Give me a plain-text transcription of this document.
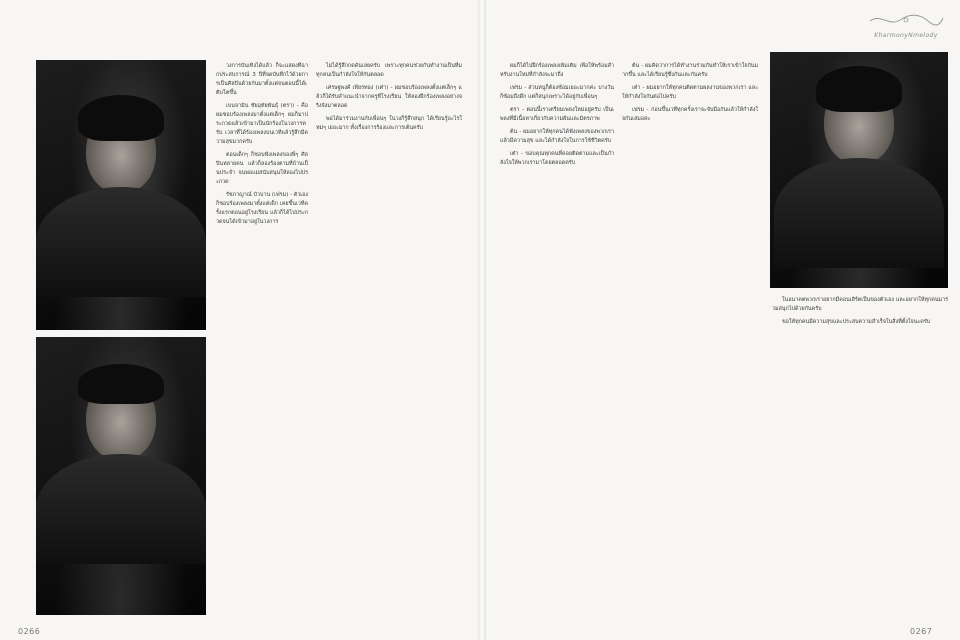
KharmonyNmelody

วงการบันเทิงได้แล้ว ก็จะแสดงที่ฉากประสบการณ์ 3 ปีที่จดบันทึกไว้ด้วยการเป็นศิลปินด้วยกันมาตั้งแต่จนตอนนี้ได้เติบโตขึ้น

เบนจามิน ชัยอุทัยพันธุ์ (ตรา) - คือผมชอบร้องเพลงมาตั้งแต่เด็กๆ ผมก็มาประกวดแล้วเข้ามาเป็นนักร้องในวงการครับ เวลาที่ได้ร้องเพลงบนเวทีแล้วรู้สึกมีความสุขมากครับ

ตอนเด็กๆ ก็ชอบฟังเพลงของพี่ๆ ศิลปินหลายคน แล้วก็ลองร้องตามที่บ้านเป็นประจำ จนพ่อแม่สนับสนุนให้ลองไปประกวด

รัชภาญาณ์ บัวบาน (เฟรม) - ตัวเองก็ชอบร้องเพลงมาตั้งแต่เด็ก เคยขึ้นเวทีครั้งแรกตอนอยู่โรงเรียน แล้วก็ได้ไปประกวดจนได้เข้ามาอยู่ในวงการ

ไม่ได้รู้สึกกดดันเลยครับ เพราะทุกคนช่วยกันทำงานเป็นทีม ทุกคนเป็นกำลังใจให้กันตลอด

เศรษฐพงศ์ เพียรทอง (เต๋า) - ผมชอบร้องเพลงตั้งแต่เล็กๆ แล้วก็ได้รับคำแนะนำจากครูที่โรงเรียน ให้ลองฝึกร้องเพลงอย่างจริงจังมาตลอด

พอได้มาร่วมงานกับเพื่อนๆ ในวงก็รู้สึกสนุก ได้เรียนรู้อะไรใหม่ๆ เยอะมาก ทั้งเรื่องการร้องและการเต้นครับ

ผมก็ได้ไปฝึกร้องเพลงเพิ่มเติม เพื่อให้พร้อมสำหรับงานใหม่ที่กำลังจะมาถึง

เฟรม - ส่วนหนูก็ต้องซ้อมเยอะมากค่ะ บางวันก็ซ้อมถึงดึก แต่ก็สนุกเพราะได้อยู่กับเพื่อนๆ

ตรา - ตอนนี้เราเตรียมเพลงใหม่อยู่ครับ เป็นเพลงที่มีเนื้อหาเกี่ยวกับความฝันและมิตรภาพ

ต้น - ผมอยากให้ทุกคนได้ฟังเพลงของพวกเราแล้วมีความสุข และได้กำลังใจในการใช้ชีวิตครับ

เต๋า - ขอบคุณทุกคนที่คอยติดตามและเป็นกำลังใจให้พวกเรามาโดยตลอดครับ

ต้น - ผมคิดว่าการได้ทำงานร่วมกันทำให้เราเข้าใจกันมากขึ้น และได้เรียนรู้ซึ่งกันและกันครับ

เต๋า - ผมอยากให้ทุกคนติดตามผลงานของพวกเรา และให้กำลังใจกันต่อไปครับ

เฟรม - ก่อนขึ้นเวทีทุกครั้งเราจะจับมือกันแล้วให้กำลังใจกันเสมอค่ะ

ในอนาคตพวกเราอยากมีคอนเสิร์ตเป็นของตัวเอง และอยากให้ทุกคนมาร่วมสนุกไปด้วยกันครับ

ขอให้ทุกคนมีความสุขและประสบความสำเร็จในสิ่งที่ตั้งใจนะครับ

0266	0267
